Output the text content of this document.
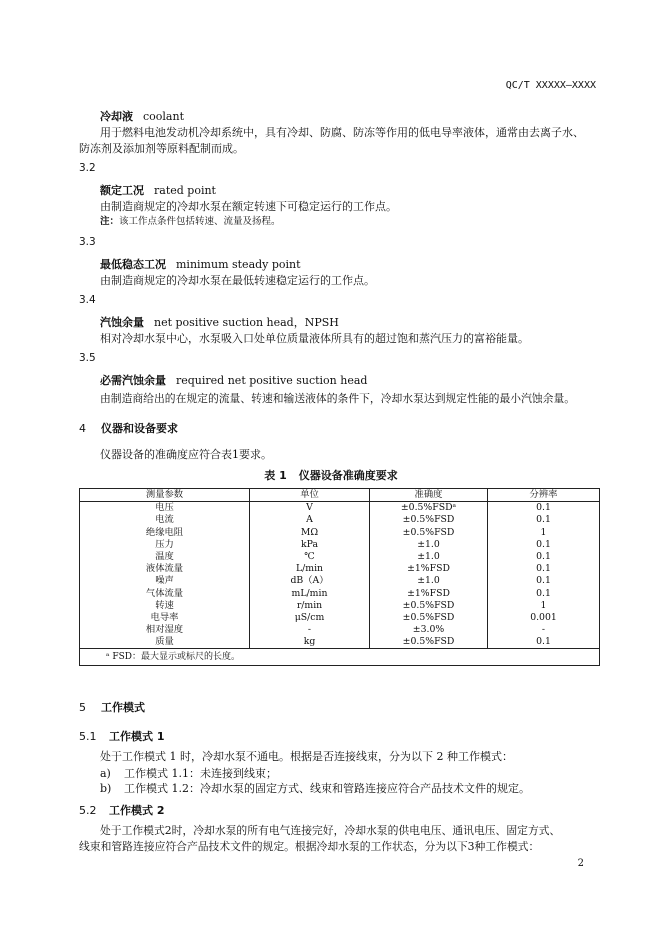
QC/T XXXXX—XXXX
冷却液 coolant
用于燃料电池发动机冷却系统中，具有冷却、防腐、防冻等作用的低电导率液体，通常由去离子水、
防冻剂及添加剂等原料配制而成。
3.2
额定工况 rated point
由制造商规定的冷却水泵在额定转速下可稳定运行的工作点。
注：该工作点条件包括转速、流量及扬程。
3.3
最低稳态工况 minimum steady point
由制造商规定的冷却水泵在最低转速稳定运行的工作点。
3.4
汽蚀余量 net positive suction head，NPSH
相对冷却水泵中心，水泵吸入口处单位质量液体所具有的超过饱和蒸汽压力的富裕能量。
3.5
必需汽蚀余量 required net positive suction head
由制造商给出的在规定的流量、转速和输送液体的条件下，冷却水泵达到规定性能的最小汽蚀余量。
4 仪器和设备要求
仪器设备的准确度应符合表1要求。
表 1 仪器设备准确度要求
测量参数	单位	准确度	分辨率
电压	V	±0.5%FSDᵃ	0.1
电流	A	±0.5%FSD	0.1
绝缘电阻	MΩ	±0.5%FSD	1
压力	kPa	±1.0	0.1
温度	℃	±1.0	0.1
液体流量	L/min	±1%FSD	0.1
噪声	dB（A）	±1.0	0.1
气体流量	mL/min	±1%FSD	0.1
转速	r/min	±0.5%FSD	1
电导率	μS/cm	±0.5%FSD	0.001
相对湿度	-	±3.0%	-
质量	kg	±0.5%FSD	0.1
ᵃ FSD：最大显示或标尺的长度。			
5 工作模式
5.1 工作模式 1
处于工作模式 1 时，冷却水泵不通电。根据是否连接线束，分为以下 2 种工作模式：
a) 工作模式 1.1：未连接到线束；
b) 工作模式 1.2：冷却水泵的固定方式、线束和管路连接应符合产品技术文件的规定。
5.2 工作模式 2
处于工作模式2时，冷却水泵的所有电气连接完好，冷却水泵的供电电压、通讯电压、固定方式、
线束和管路连接应符合产品技术文件的规定。根据冷却水泵的工作状态，分为以下3种工作模式：
2
